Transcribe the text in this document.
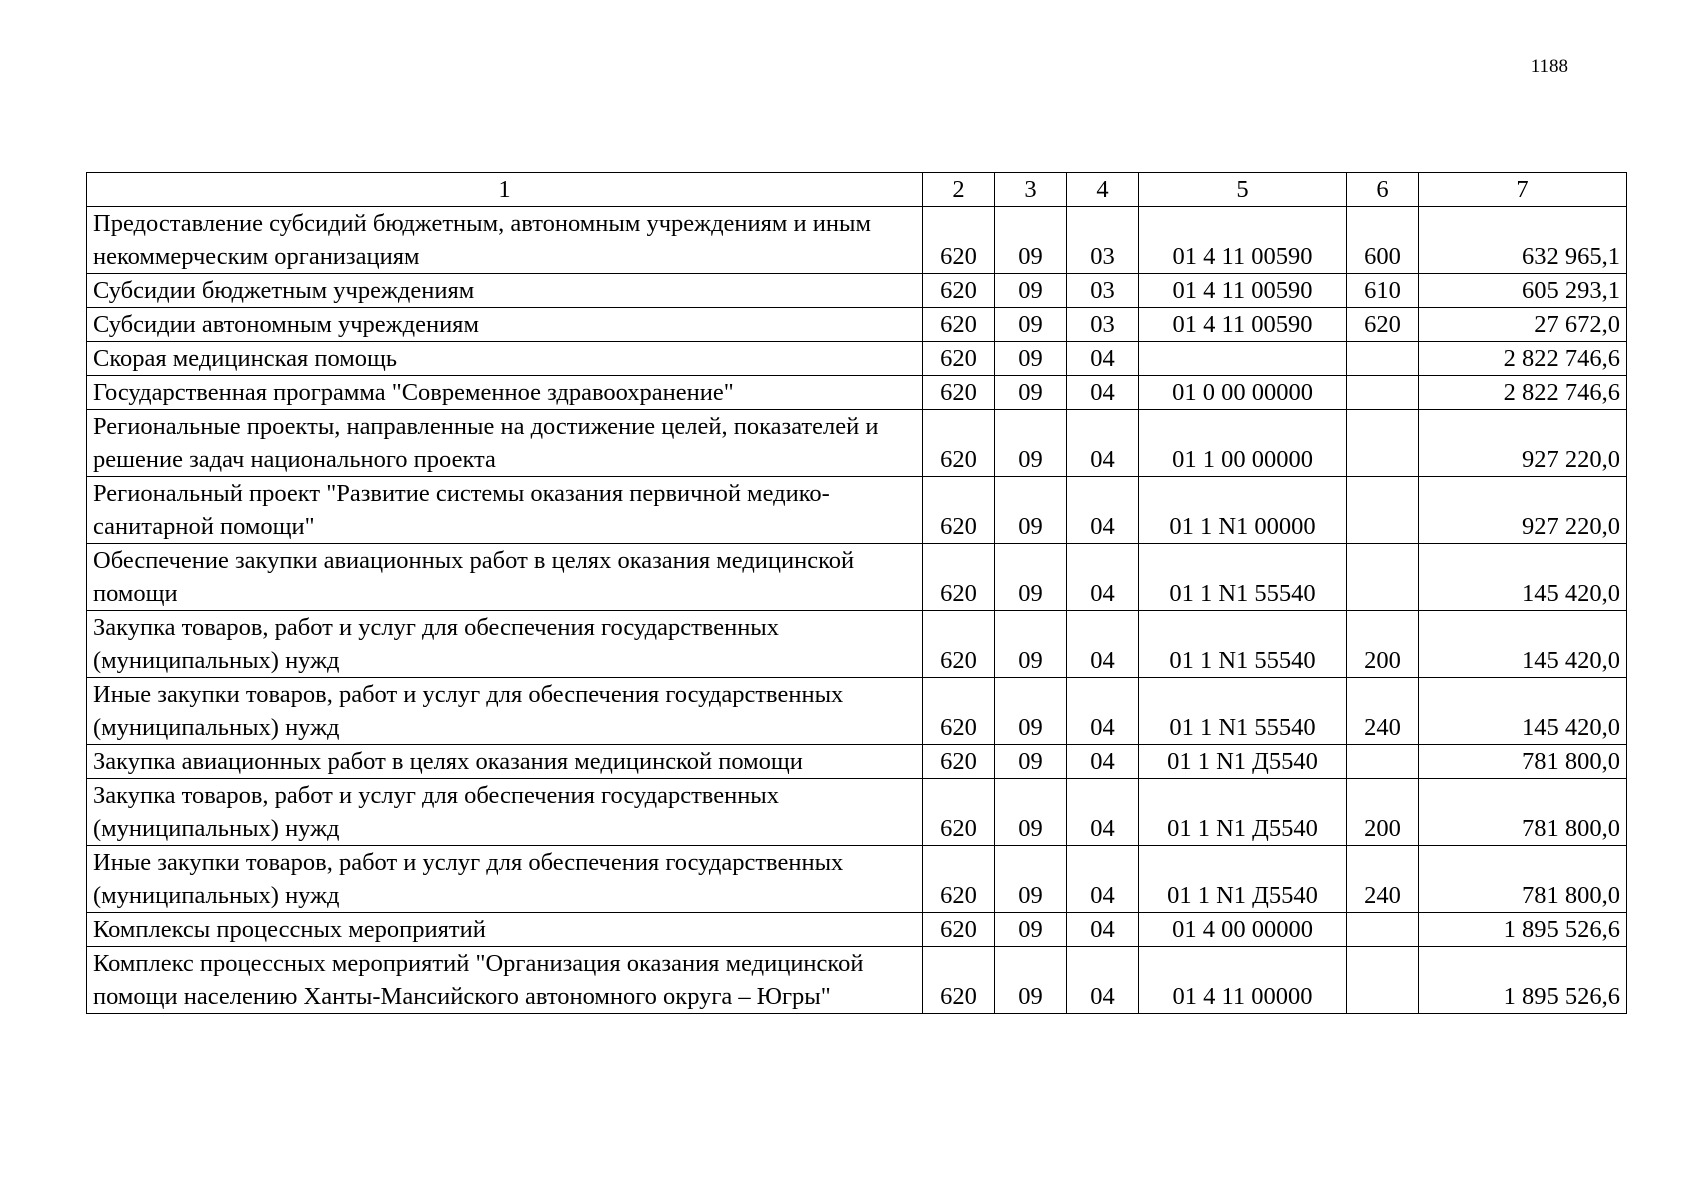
1188
1	2	3	4	5	6	7
Предоставление субсидий бюджетным, автономным учреждениям и иным некоммерческим организациям	620	09	03	01 4 11 00590	600	632 965,1
Субсидии бюджетным учреждениям	620	09	03	01 4 11 00590	610	605 293,1
Субсидии автономным учреждениям	620	09	03	01 4 11 00590	620	27 672,0
Скорая медицинская помощь	620	09	04			2 822 746,6
Государственная программа "Современное здравоохранение"	620	09	04	01 0 00 00000		2 822 746,6
Региональные проекты, направленные на достижение целей, показателей и решение задач национального проекта	620	09	04	01 1 00 00000		927 220,0
Региональный проект "Развитие системы оказания первичной медико-санитарной помощи"	620	09	04	01 1 N1 00000		927 220,0
Обеспечение закупки авиационных работ в целях оказания медицинской помощи	620	09	04	01 1 N1 55540		145 420,0
Закупка товаров, работ и услуг для обеспечения государственных (муниципальных) нужд	620	09	04	01 1 N1 55540	200	145 420,0
Иные закупки товаров, работ и услуг для обеспечения государственных (муниципальных) нужд	620	09	04	01 1 N1 55540	240	145 420,0
Закупка авиационных работ в целях оказания медицинской помощи	620	09	04	01 1 N1 Д5540		781 800,0
Закупка товаров, работ и услуг для обеспечения государственных (муниципальных) нужд	620	09	04	01 1 N1 Д5540	200	781 800,0
Иные закупки товаров, работ и услуг для обеспечения государственных (муниципальных) нужд	620	09	04	01 1 N1 Д5540	240	781 800,0
Комплексы процессных мероприятий	620	09	04	01 4 00 00000		1 895 526,6
Комплекс процессных мероприятий "Организация оказания медицинской помощи населению Ханты-Мансийского автономного округа – Югры"	620	09	04	01 4 11 00000		1 895 526,6
